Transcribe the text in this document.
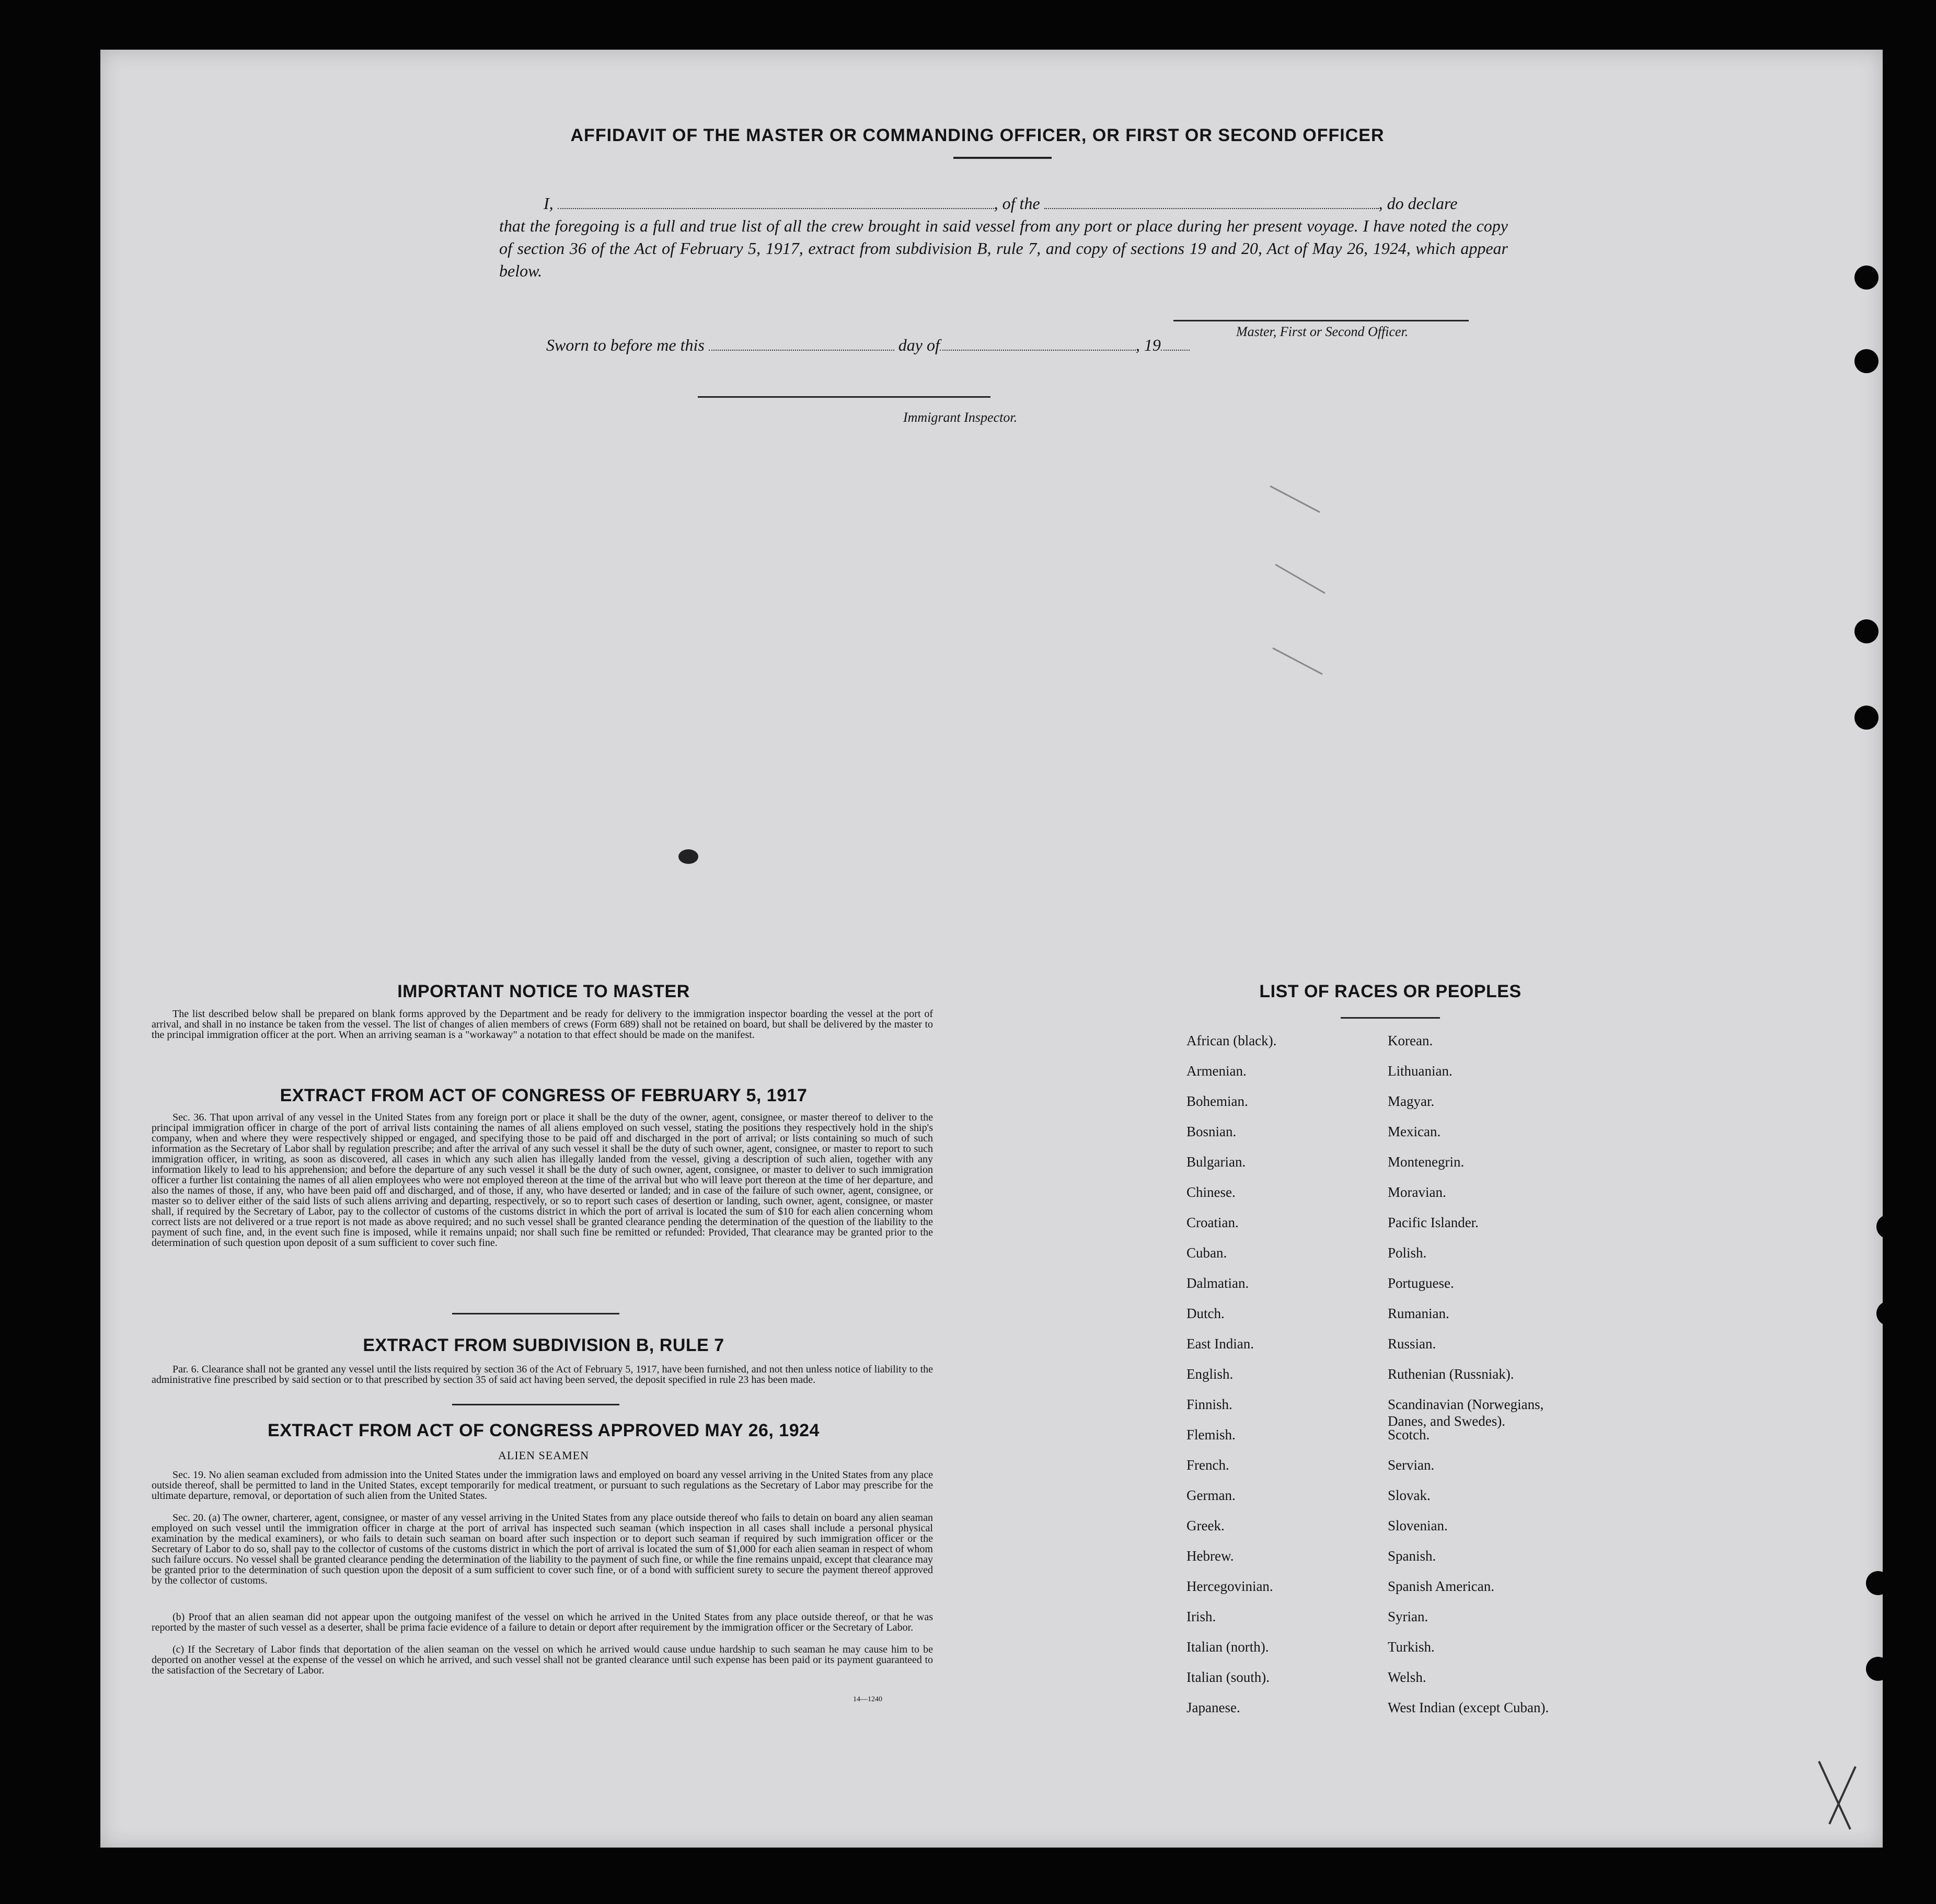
AFFIDAVIT OF THE MASTER OR COMMANDING OFFICER, OR FIRST OR SECOND OFFICER
I,	, of the	, do declare
that the foregoing is a full and true list of all the crew brought in said vessel from any port or place during her present voyage. I have noted the copy of section 36 of the Act of February 5, 1917, extract from subdivision B, rule 7, and copy of sections 19 and 20, Act of May 26, 1924, which appear below.
Master, First or Second Officer.
Sworn to before me this	day of	, 19
Immigrant Inspector.
IMPORTANT NOTICE TO MASTER
The list described below shall be prepared on blank forms approved by the Department and be ready for delivery to the immigration inspector boarding the vessel at the port of arrival, and shall in no instance be taken from the vessel. The list of changes of alien members of crews (Form 689) shall not be retained on board, but shall be delivered by the master to the principal immigration officer at the port. When an arriving seaman is a "workaway" a notation to that effect should be made on the manifest.
EXTRACT FROM ACT OF CONGRESS OF FEBRUARY 5, 1917
Sec. 36. That upon arrival of any vessel in the United States from any foreign port or place it shall be the duty of the owner, agent, consignee, or master thereof to deliver to the principal immigration officer in charge of the port of arrival lists containing the names of all aliens employed on such vessel, stating the positions they respectively hold in the ship's company, when and where they were respectively shipped or engaged, and specifying those to be paid off and discharged in the port of arrival; or lists containing so much of such information as the Secretary of Labor shall by regulation prescribe; and after the arrival of any such vessel it shall be the duty of such owner, agent, consignee, or master to report to such immigration officer, in writing, as soon as discovered, all cases in which any such alien has illegally landed from the vessel, giving a description of such alien, together with any information likely to lead to his apprehension; and before the departure of any such vessel it shall be the duty of such owner, agent, consignee, or master to deliver to such immigration officer a further list containing the names of all alien employees who were not employed thereon at the time of the arrival but who will leave port thereon at the time of her departure, and also the names of those, if any, who have been paid off and discharged, and of those, if any, who have deserted or landed; and in case of the failure of such owner, agent, consignee, or master so to deliver either of the said lists of such aliens arriving and departing, respectively, or so to report such cases of desertion or landing, such owner, agent, consignee, or master shall, if required by the Secretary of Labor, pay to the collector of customs of the customs district in which the port of arrival is located the sum of $10 for each alien concerning whom correct lists are not delivered or a true report is not made as above required; and no such vessel shall be granted clearance pending the determination of the question of the liability to the payment of such fine, and, in the event such fine is imposed, while it remains unpaid; nor shall such fine be remitted or refunded: Provided, That clearance may be granted prior to the determination of such question upon deposit of a sum sufficient to cover such fine.
EXTRACT FROM SUBDIVISION B, RULE 7
Par. 6. Clearance shall not be granted any vessel until the lists required by section 36 of the Act of February 5, 1917, have been furnished, and not then unless notice of liability to the administrative fine prescribed by said section or to that prescribed by section 35 of said act having been served, the deposit specified in rule 23 has been made.
EXTRACT FROM ACT OF CONGRESS APPROVED MAY 26, 1924
ALIEN SEAMEN
Sec. 19. No alien seaman excluded from admission into the United States under the immigration laws and employed on board any vessel arriving in the United States from any place outside thereof, shall be permitted to land in the United States, except temporarily for medical treatment, or pursuant to such regulations as the Secretary of Labor may prescribe for the ultimate departure, removal, or deportation of such alien from the United States.
Sec. 20. (a) The owner, charterer, agent, consignee, or master of any vessel arriving in the United States from any place outside thereof who fails to detain on board any alien seaman employed on such vessel until the immigration officer in charge at the port of arrival has inspected such seaman (which inspection in all cases shall include a personal physical examination by the medical examiners), or who fails to detain such seaman on board after such inspection or to deport such seaman if required by such immigration officer or the Secretary of Labor to do so, shall pay to the collector of customs of the customs district in which the port of arrival is located the sum of $1,000 for each alien seaman in respect of whom such failure occurs. No vessel shall be granted clearance pending the determination of the liability to the payment of such fine, or while the fine remains unpaid, except that clearance may be granted prior to the determination of such question upon the deposit of a sum sufficient to cover such fine, or of a bond with sufficient surety to secure the payment thereof approved by the collector of customs.
(b) Proof that an alien seaman did not appear upon the outgoing manifest of the vessel on which he arrived in the United States from any place outside thereof, or that he was reported by the master of such vessel as a deserter, shall be prima facie evidence of a failure to detain or deport after requirement by the immigration officer or the Secretary of Labor.
(c) If the Secretary of Labor finds that deportation of the alien seaman on the vessel on which he arrived would cause undue hardship to such seaman he may cause him to be deported on another vessel at the expense of the vessel on which he arrived, and such vessel shall not be granted clearance until such expense has been paid or its payment guaranteed to the satisfaction of the Secretary of Labor.
14—1240
LIST OF RACES OR PEOPLES
African (black).
Armenian.
Bohemian.
Bosnian.
Bulgarian.
Chinese.
Croatian.
Cuban.
Dalmatian.
Dutch.
East Indian.
English.
Finnish.
Flemish.
French.
German.
Greek.
Hebrew.
Hercegovinian.
Irish.
Italian (north).
Italian (south).
Japanese.
Korean.
Lithuanian.
Magyar.
Mexican.
Montenegrin.
Moravian.
Pacific Islander.
Polish.
Portuguese.
Rumanian.
Russian.
Ruthenian (Russniak).
Scandinavian (Norwegians,
Danes, and Swedes).
Scotch.
Servian.
Slovak.
Slovenian.
Spanish.
Spanish American.
Syrian.
Turkish.
Welsh.
West Indian (except Cuban).
